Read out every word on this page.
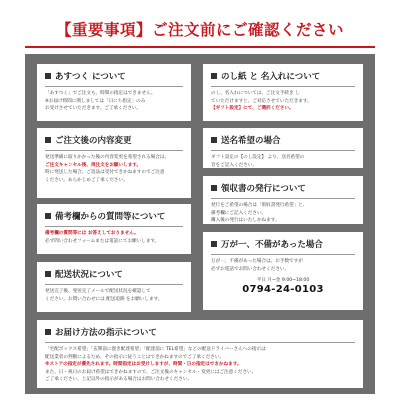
【重要事項】ご注文前にご確認ください
あすつく について
「あすつく」でご注文も、時間の指定はできません。
※お届け時間に関しましては「日にち指定」のみ
お受けさせていただきます。ご了承ください。
のし紙 と 名入れについて
のし、名入れについては、ご注文手続き し
ていただけますと、ご対応させていただきます。
【ギフト設定】にて、ご選択ください。
ご注文後の内容変更
発送準備に取りかかった後の内容変更を希望される場合は、
ご注文キャンセル後、再注文をお願いします。
時に発送した場合、ご返品は受付できかねますのでご注意
ください。あらかじめご了承ください。
送名希望の場合
ギフト設定の【のし設定】 より、送名希望の
旨をご記入ください。
領収書の発行について
発行をご希望の場合は「領収書発行希望」と、
備考欄にご記入ください。
購入後の発行はいたしかねます。
備考欄からの質問等について
備考欄の質問等には お答えしておりません。
必ず問い合わせフォームまたは電話にてお願いします。	万が一、不備があった場合
万が一、不備があった場合は、お手数ですが
必ずお電話でお問い合わせください。
平日 月~金 9:00~18:00
0794-24-0103
配送状況について
発送完了後、発送完了メールで配送状況を確認して
ください。お問い合わせには 配送追跡 をお願いします。
お届け方法の指示について
「宅配ボックス希望」「玄関前に置き配達希望」「配達前に TEL希望」などの配送ドライバーさんへの指示は
配送業者の判断によるため、その指示に従うことはできかねますのでご了承ください。
※ストアの指定が優先されます。時間指定はお受けしますが、時間・日の指定はできかねます。
また、日・祝日のお届け希望はできかねますので、ご注文後のキャンセル・変更にはご注意ください。
ご了承ください。上記以外の指示がある場合はお問い合わせください。
